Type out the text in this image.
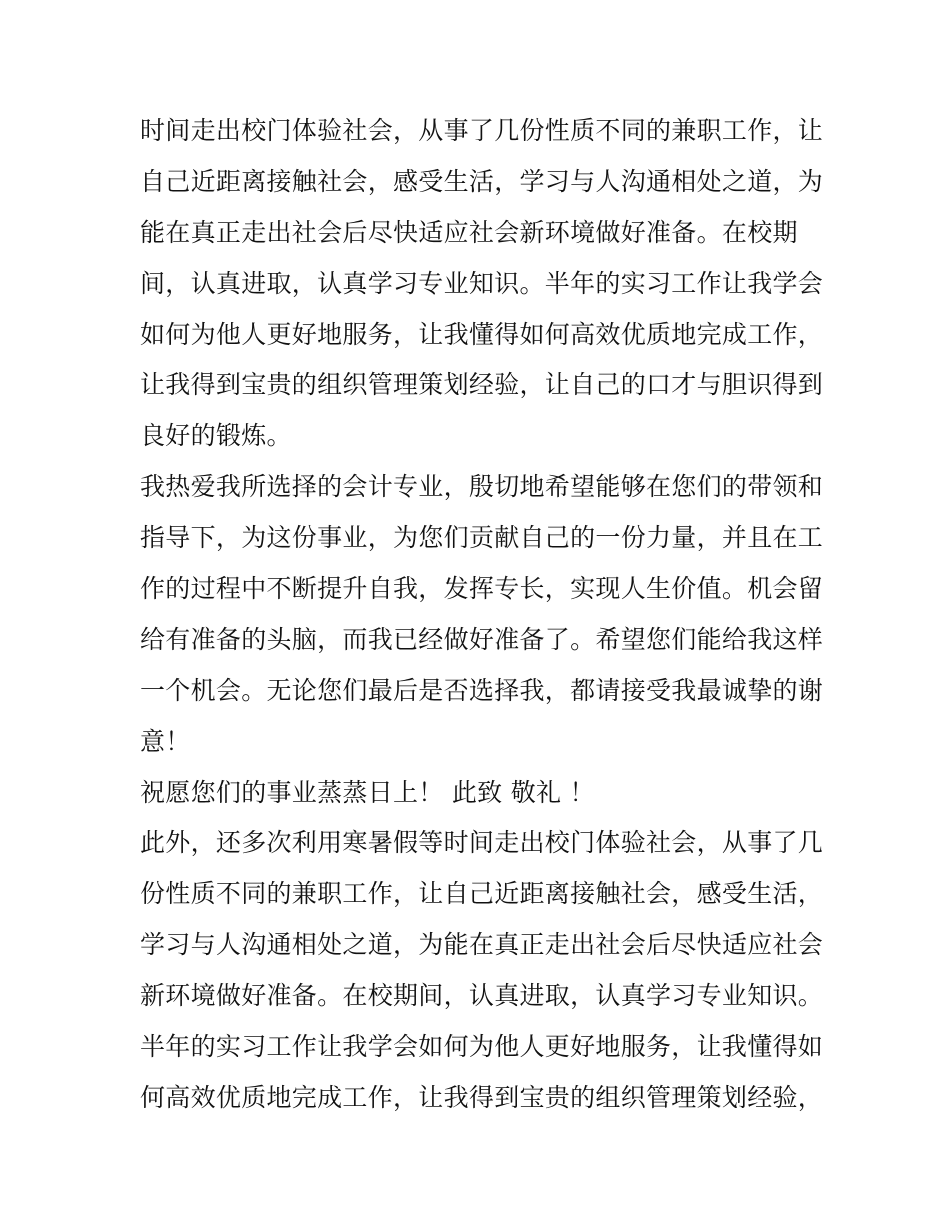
时间走出校门体验社会，从事了几份性质不同的兼职工作，让
自己近距离接触社会，感受生活，学习与人沟通相处之道，为
能在真正走出社会后尽快适应社会新环境做好准备。在校期
间，认真进取，认真学习专业知识。半年的实习工作让我学会
如何为他人更好地服务，让我懂得如何高效优质地完成工作，
让我得到宝贵的组织管理策划经验，让自己的口才与胆识得到
良好的锻炼。
我热爱我所选择的会计专业，殷切地希望能够在您们的带领和
指导下，为这份事业，为您们贡献自己的一份力量，并且在工
作的过程中不断提升自我，发挥专长，实现人生价值。机会留
给有准备的头脑，而我已经做好准备了。希望您们能给我这样
一个机会。无论您们最后是否选择我，都请接受我最诚挚的谢
意！
祝愿您们的事业蒸蒸日上！ 此致 敬礼 ！
此外，还多次利用寒暑假等时间走出校门体验社会，从事了几
份性质不同的兼职工作，让自己近距离接触社会，感受生活，
学习与人沟通相处之道，为能在真正走出社会后尽快适应社会
新环境做好准备。在校期间，认真进取，认真学习专业知识。
半年的实习工作让我学会如何为他人更好地服务，让我懂得如
何高效优质地完成工作，让我得到宝贵的组织管理策划经验，
